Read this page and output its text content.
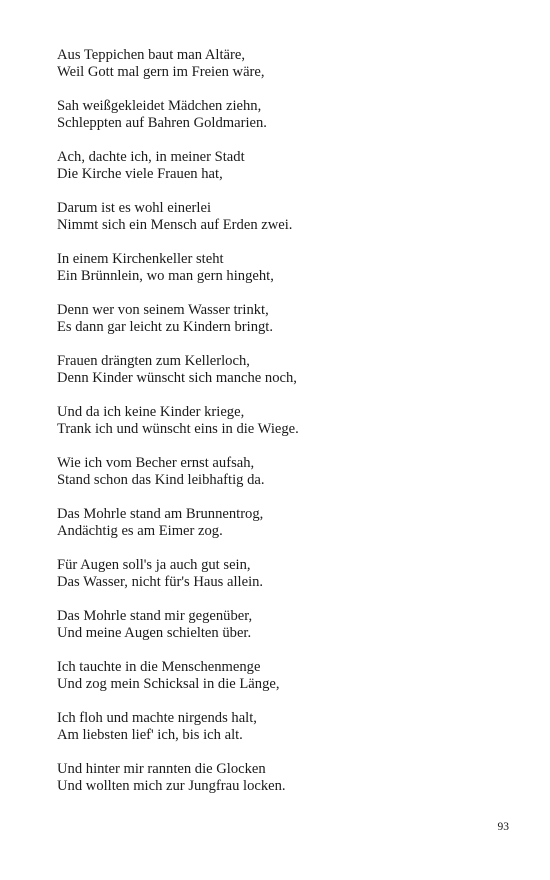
Aus Teppichen baut man Altäre,
Weil Gott mal gern im Freien wäre,
Sah weißgekleidet Mädchen ziehn,
Schleppten auf Bahren Goldmarien.
Ach, dachte ich, in meiner Stadt
Die Kirche viele Frauen hat,
Darum ist es wohl einerlei
Nimmt sich ein Mensch auf Erden zwei.
In einem Kirchenkeller steht
Ein Brünnlein, wo man gern hingeht,
Denn wer von seinem Wasser trinkt,
Es dann gar leicht zu Kindern bringt.
Frauen drängten zum Kellerloch,
Denn Kinder wünscht sich manche noch,
Und da ich keine Kinder kriege,
Trank ich und wünscht eins in die Wiege.
Wie ich vom Becher ernst aufsah,
Stand schon das Kind leibhaftig da.
Das Mohrle stand am Brunnentrog,
Andächtig es am Eimer zog.
Für Augen soll's ja auch gut sein,
Das Wasser, nicht für's Haus allein.
Das Mohrle stand mir gegenüber,
Und meine Augen schielten über.
Ich tauchte in die Menschenmenge
Und zog mein Schicksal in die Länge,
Ich floh und machte nirgends halt,
Am liebsten lief' ich, bis ich alt.
Und hinter mir rannten die Glocken
Und wollten mich zur Jungfrau locken.
93
